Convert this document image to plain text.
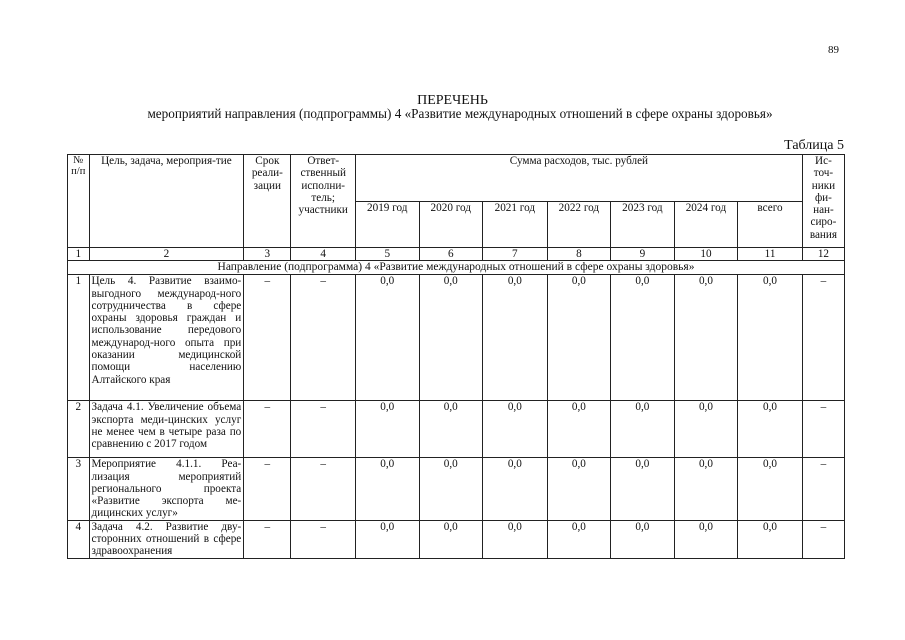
89
ПЕРЕЧЕНЬ
мероприятий направления (подпрограммы) 4 «Развитие международных отношений в сфере охраны здоровья»
Таблица 5
№ п/п	Цель, задача, мероприя-тие	Срок реали-зации	Ответ-ственный исполни-тель; участники	Сумма расходов, тыс. рублей							Ис-точ-ники фи-нан-сиро-вания
				2019 год	2020 год	2021 год	2022 год	2023 год	2024 год	всего	
1	2	3	4	5	6	7	8	9	10	11	12
Направление (подпрограмма) 4 «Развитие международных отношений в сфере охраны здоровья»											
1	Цель 4. Развитие взаимо-выгодного международ-ного сотрудничества в сфере охраны здоровья граждан и использование передового международ-ного опыта при оказании медицинской помощи населению Алтайского края	–	–	0,0	0,0	0,0	0,0	0,0	0,0	0,0	–
2	Задача 4.1. Увеличение объема экспорта меди-цинских услуг не менее чем в четыре раза по сравнению с 2017 годом	–	–	0,0	0,0	0,0	0,0	0,0	0,0	0,0	–
3	Мероприятие 4.1.1. Реа-лизация мероприятий регионального проекта «Развитие экспорта ме-дицинских услуг»	–	–	0,0	0,0	0,0	0,0	0,0	0,0	0,0	–
4	Задача 4.2. Развитие дву-сторонних отношений в сфере здравоохранения	–	–	0,0	0,0	0,0	0,0	0,0	0,0	0,0	–
